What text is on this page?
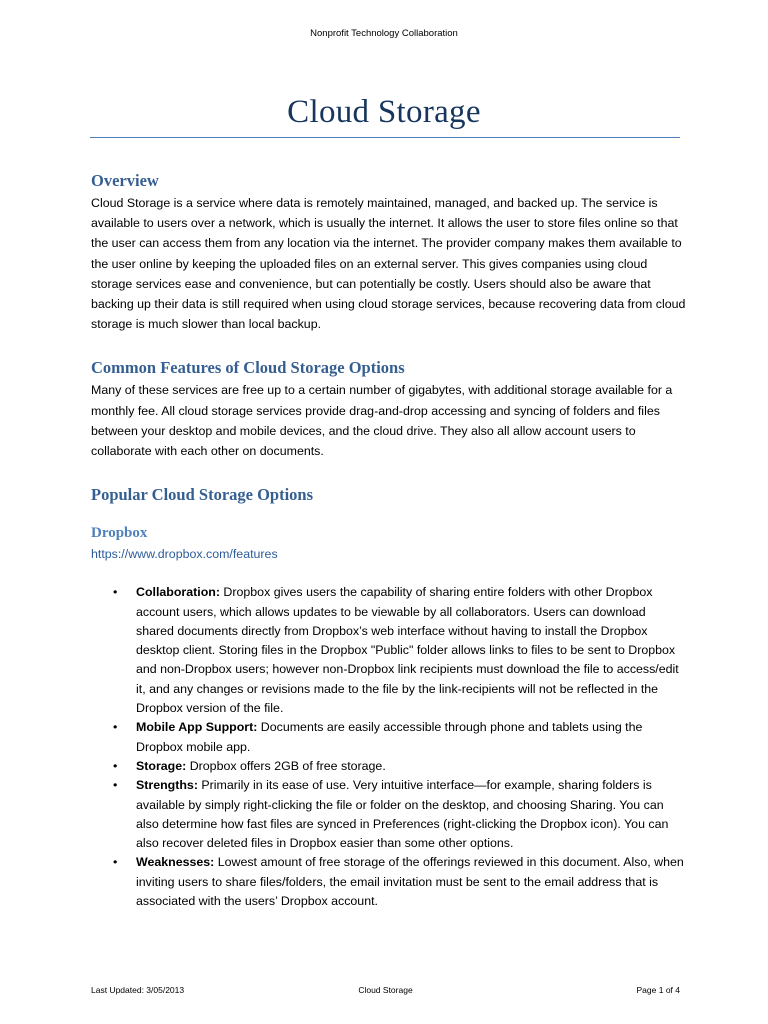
Nonprofit Technology Collaboration
Cloud Storage
Overview

Cloud Storage is a service where data is remotely maintained, managed, and backed up. The service is available to users over a network, which is usually the internet. It allows the user to store files online so that the user can access them from any location via the internet. The provider company makes them available to the user online by keeping the uploaded files on an external server. This gives companies using cloud storage services ease and convenience, but can potentially be costly. Users should also be aware that backing up their data is still required when using cloud storage services, because recovering data from cloud storage is much slower than local backup.

Common Features of Cloud Storage Options

Many of these services are free up to a certain number of gigabytes, with additional storage available for a monthly fee. All cloud storage services provide drag-and-drop accessing and syncing of folders and files between your desktop and mobile devices, and the cloud drive. They also all allow account users to collaborate with each other on documents.

Popular Cloud Storage Options
Dropbox
https://www.dropbox.com/features
• Collaboration: Dropbox gives users the capability of sharing entire folders with other Dropbox account users, which allows updates to be viewable by all collaborators. Users can download shared documents directly from Dropbox’s web interface without having to install the Dropbox desktop client. Storing files in the Dropbox "Public" folder allows links to files to be sent to Dropbox and non-Dropbox users; however non-Dropbox link recipients must download the file to access/edit it, and any changes or revisions made to the file by the link-recipients will not be reflected in the Dropbox version of the file.
• Mobile App Support: Documents are easily accessible through phone and tablets using the Dropbox mobile app.
• Storage: Dropbox offers 2GB of free storage.
• Strengths: Primarily in its ease of use. Very intuitive interface—for example, sharing folders is available by simply right-clicking the file or folder on the desktop, and choosing Sharing. You can also determine how fast files are synced in Preferences (right-clicking the Dropbox icon). You can also recover deleted files in Dropbox easier than some other options.
• Weaknesses: Lowest amount of free storage of the offerings reviewed in this document. Also, when inviting users to share files/folders, the email invitation must be sent to the email address that is associated with the users’ Dropbox account.
Last Updated: 3/05/2013	Cloud Storage	Page 1 of 4
